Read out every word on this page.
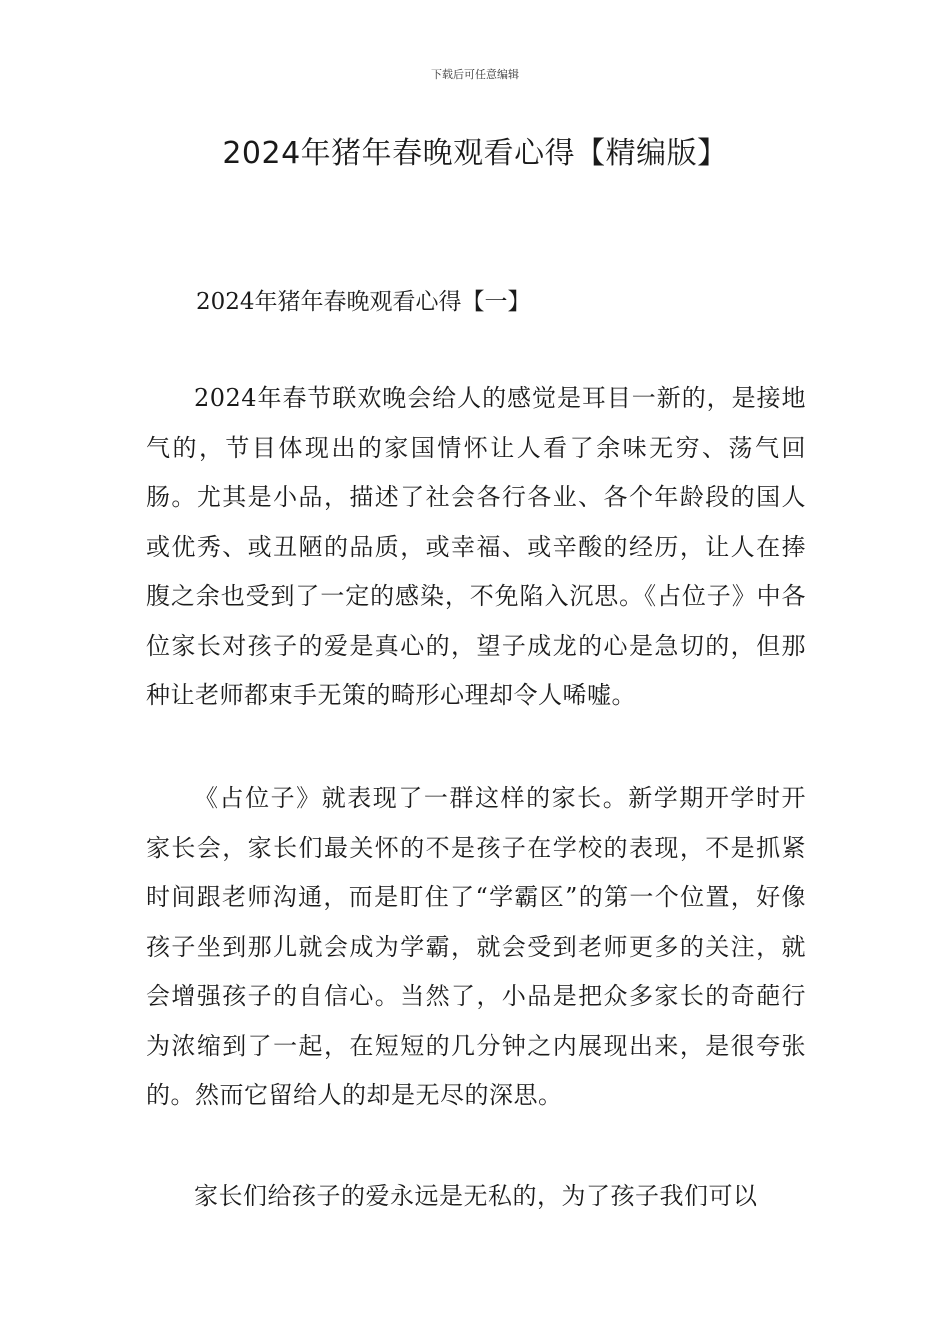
下载后可任意编辑
2024年猪年春晚观看心得【精编版】
2024年猪年春晚观看心得【一】

2024年春节联欢晚会给人的感觉是耳目一新的，是接地气的，节目体现出的家国情怀让人看了余味无穷、荡气回肠。尤其是小品，描述了社会各行各业、各个年龄段的国人或优秀、或丑陋的品质，或幸福、或辛酸的经历，让人在捧腹之余也受到了一定的感染，不免陷入沉思。《占位子》中各位家长对孩子的爱是真心的，望子成龙的心是急切的，但那种让老师都束手无策的畸形心理却令人唏嘘。

《占位子》就表现了一群这样的家长。新学期开学时开家长会，家长们最关怀的不是孩子在学校的表现，不是抓紧时间跟老师沟通，而是盯住了“学霸区”的第一个位置，好像孩子坐到那儿就会成为学霸，就会受到老师更多的关注，就会增强孩子的自信心。当然了，小品是把众多家长的奇葩行为浓缩到了一起，在短短的几分钟之内展现出来，是很夸张的。然而它留给人的却是无尽的深思。

家长们给孩子的爱永远是无私的，为了孩子我们可以
